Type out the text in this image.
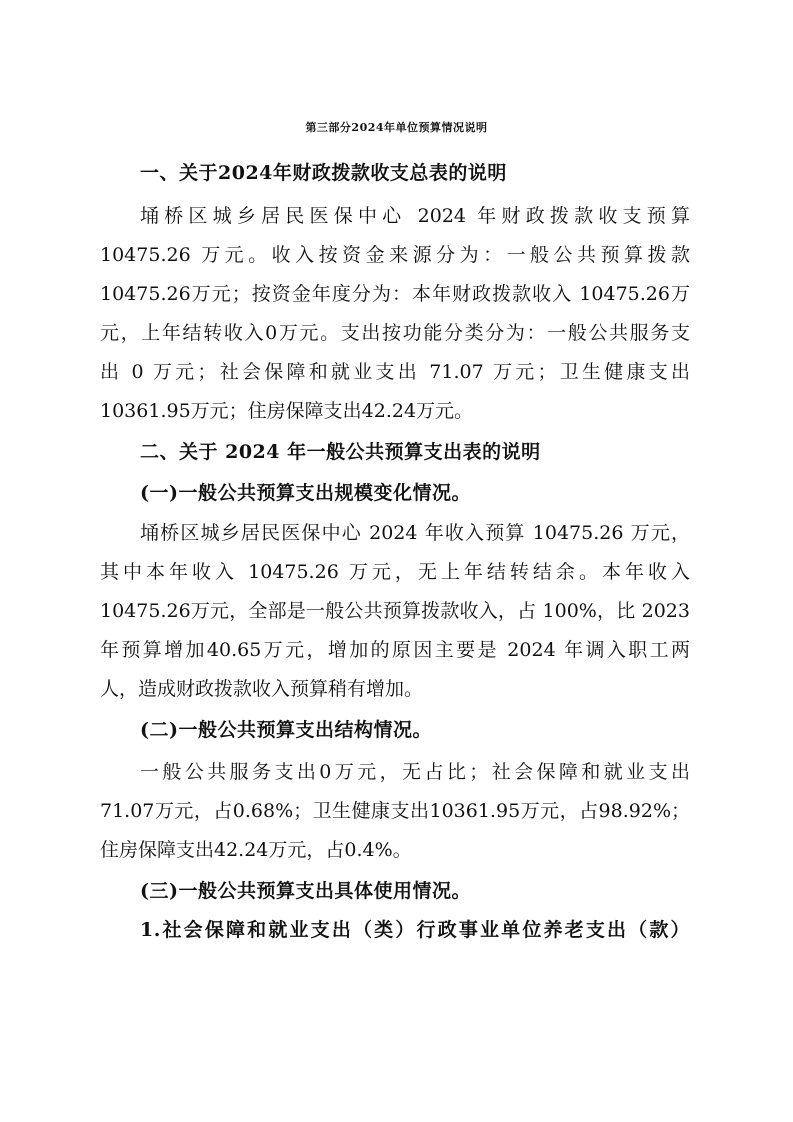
第三部分2024年单位预算情况说明

一、关于2024年财政拨款收支总表的说明

埇桥区城乡居民医保中心 2024 年财政拨款收支预算

10475.26 万元。收入按资金来源分为：一般公共预算拨款

10475.26万元；按资金年度分为：本年财政拨款收入 10475.26万

元，上年结转收入0万元。支出按功能分类分为：一般公共服务支

出 0 万元；社会保障和就业支出 71.07 万元；卫生健康支出

10361.95万元；住房保障支出42.24万元。

二、关于 2024 年一般公共预算支出表的说明

(一)一般公共预算支出规模变化情况。

埇桥区城乡居民医保中心 2024 年收入预算 10475.26 万元，

其中本年收入 10475.26 万元，无上年结转结余。本年收入

10475.26万元，全部是一般公共预算拨款收入，占 100%，比 2023

年预算增加40.65万元，增加的原因主要是 2024 年调入职工两

人，造成财政拨款收入预算稍有增加。

(二)一般公共预算支出结构情况。

一般公共服务支出0万元，无占比；社会保障和就业支出

71.07万元，占0.68%；卫生健康支出10361.95万元，占98.92%；

住房保障支出42.24万元，占0.4%。

(三)一般公共预算支出具体使用情况。

1.社会保障和就业支出（类）行政事业单位养老支出（款）
